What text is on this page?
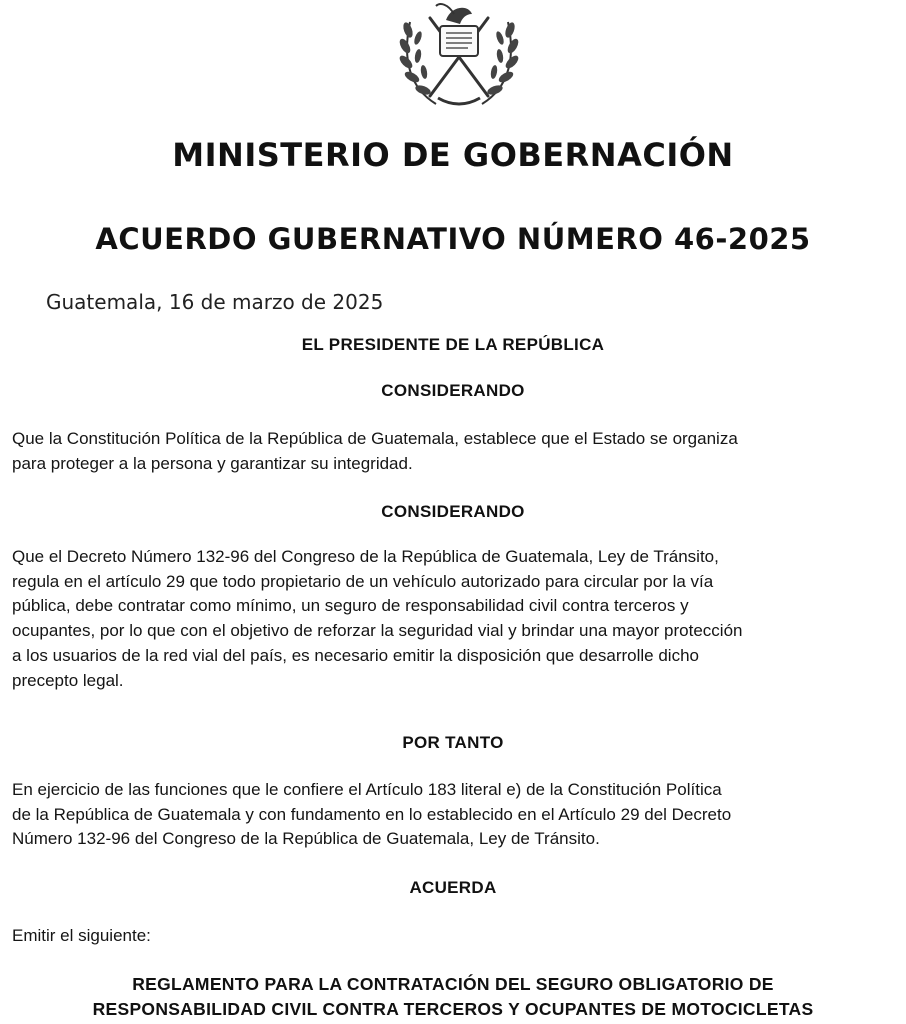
MINISTERIO DE GOBERNACIÓN
ACUERDO GUBERNATIVO NÚMERO 46-2025
Guatemala, 16 de marzo de 2025
EL PRESIDENTE DE LA REPÚBLICA
CONSIDERANDO
Que la Constitución Política de la República de Guatemala, establece que el Estado se organiza
para proteger a la persona y garantizar su integridad.
CONSIDERANDO
Que el Decreto Número 132-96 del Congreso de la República de Guatemala, Ley de Tránsito,
regula en el artículo 29 que todo propietario de un vehículo autorizado para circular por la vía
pública, debe contratar como mínimo, un seguro de responsabilidad civil contra terceros y
ocupantes, por lo que con el objetivo de reforzar la seguridad vial y brindar una mayor protección
a los usuarios de la red vial del país, es necesario emitir la disposición que desarrolle dicho
precepto legal.
POR TANTO
En ejercicio de las funciones que le confiere el Artículo 183 literal e) de la Constitución Política
de la República de Guatemala y con fundamento en lo establecido en el Artículo 29 del Decreto
Número 132-96 del Congreso de la República de Guatemala, Ley de Tránsito.
ACUERDA
Emitir el siguiente:
REGLAMENTO PARA LA CONTRATACIÓN DEL SEGURO OBLIGATORIO DE
RESPONSABILIDAD CIVIL CONTRA TERCEROS Y OCUPANTES DE MOTOCICLETAS
